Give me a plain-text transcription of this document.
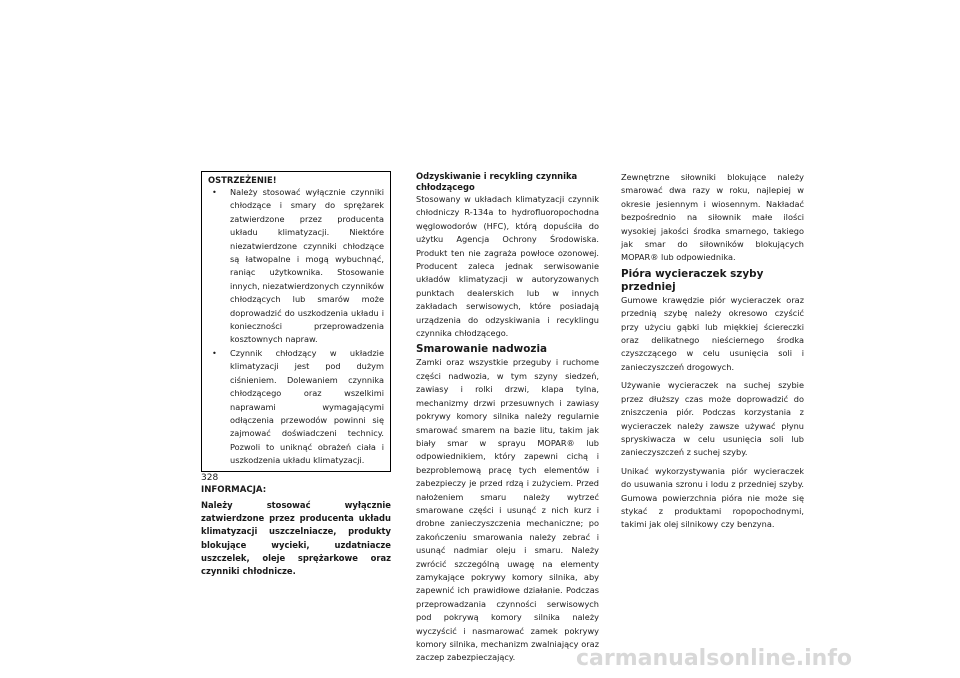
OSTRZEŻENIE!
• Należy stosować wyłącznie czynniki chłodzące i smary do sprężarek zatwierdzone przez producenta układu klimatyzacji. Niektóre niezatwierdzone czynniki chłodzące są łatwopalne i mogą wybuchnąć, raniąc użytkownika. Stosowanie innych, niezatwierdzonych czynników chłodzących lub smarów może doprowadzić do uszkodzenia układu i konieczności przeprowadzenia kosztownych napraw.
• Czynnik chłodzący w układzie klimatyzacji jest pod dużym ciśnieniem. Dolewaniem czynnika chłodzącego oraz wszelkimi naprawami wymagającymi odłączenia przewodów powinni się zajmować doświadczeni technicy. Pozwoli to uniknąć obrażeń ciała i uszkodzenia układu klimatyzacji.
INFORMACJA:

Należy stosować wyłącznie zatwierdzone przez producenta układu klimatyzacji uszczelniacze, produkty blokujące wycieki, uzdatniacze uszczelek, oleje sprężarkowe oraz czynniki chłodnicze.

Odzyskiwanie i recykling czynnika chłodzącego

Stosowany w układach klimatyzacji czynnik chłodniczy R-134a to hydrofluoropochodna węglowodorów (HFC), którą dopuściła do użytku Agencja Ochrony Środowiska. Produkt ten nie zagraża powłoce ozonowej. Producent zaleca jednak serwisowanie układów klimatyzacji w autoryzowanych punktach dealerskich lub w innych zakładach serwisowych, które posiadają urządzenia do odzyskiwania i recyklingu czynnika chłodzącego.

Smarowanie nadwozia

Zamki oraz wszystkie przeguby i ruchome części nadwozia, w tym szyny siedzeń, zawiasy i rolki drzwi, klapa tylna, mechanizmy drzwi przesuwnych i zawiasy pokrywy komory silnika należy regularnie smarować smarem na bazie litu, takim jak biały smar w sprayu MOPAR® lub odpowiednikiem, który zapewni cichą i bezproblemową pracę tych elementów i zabezpieczy je przed rdzą i zużyciem. Przed nałożeniem smaru należy wytrzeć smarowane części i usunąć z nich kurz i drobne zanieczyszczenia mechaniczne; po zakończeniu smarowania należy zebrać i usunąć nadmiar oleju i smaru. Należy zwrócić szczególną uwagę na elementy zamykające pokrywy komory silnika, aby zapewnić ich prawidłowe działanie. Podczas przeprowadzania czynności serwisowych pod pokrywą komory silnika należy wyczyścić i nasmarować zamek pokrywy komory silnika, mechanizm zwalniający oraz zaczep zabezpieczający.

Zewnętrzne siłowniki blokujące należy smarować dwa razy w roku, najlepiej w okresie jesiennym i wiosennym. Nakładać bezpośrednio na siłownik małe ilości wysokiej jakości środka smarnego, takiego jak smar do siłowników blokujących MOPAR® lub odpowiednika.

Pióra wycieraczek szyby przedniej

Gumowe krawędzie piór wycieraczek oraz przednią szybę należy okresowo czyścić przy użyciu gąbki lub miękkiej ściereczki oraz delikatnego nieściernego środka czyszczącego w celu usunięcia soli i zanieczyszczeń drogowych.

Używanie wycieraczek na suchej szybie przez dłuższy czas może doprowadzić do zniszczenia piór. Podczas korzystania z wycieraczek należy zawsze używać płynu spryskiwacza w celu usunięcia soli lub zanieczyszczeń z suchej szyby.

Unikać wykorzystywania piór wycieraczek do usuwania szronu i lodu z przedniej szyby. Gumowa powierzchnia pióra nie może się stykać z produktami ropopochodnymi, takimi jak olej silnikowy czy benzyna.

328
carmanualsonline.info
